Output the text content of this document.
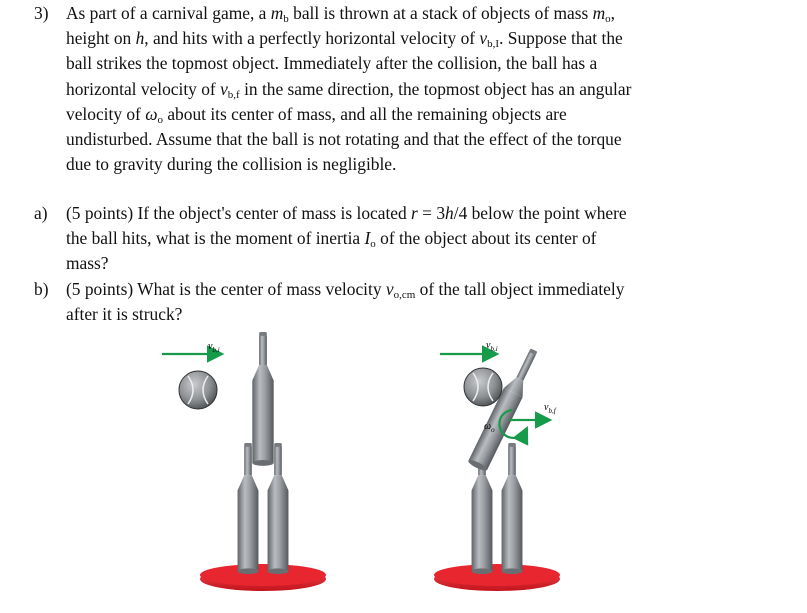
3) As part of a carnival game, a $m_b$ ball is thrown at a stack of objects of mass $m_o$,
height on h, and hits with a perfectly horizontal velocity of $v_{b,I}$. Suppose that the
ball strikes the topmost object. Immediately after the collision, the ball has a
horizontal velocity of $v_{b,f}$ in the same direction, the topmost object has an angular
velocity of $\omega_o$ about its center of mass, and all the remaining objects are
undisturbed. Assume that the ball is not rotating and that the effect of the torque
due to gravity during the collision is negligible.
a) (5 points) If the object's center of mass is located r = 3h/4 below the point where
the ball hits, what is the moment of inertia $I_o$ of the object about its center of
mass?
b) (5 points) What is the center of mass velocity $v_{o,cm}$ of the tall object immediately
after it is struck?
$v_{b,i}$	$v_{b,i}$
$v_{b,f}$
$\omega_o$
